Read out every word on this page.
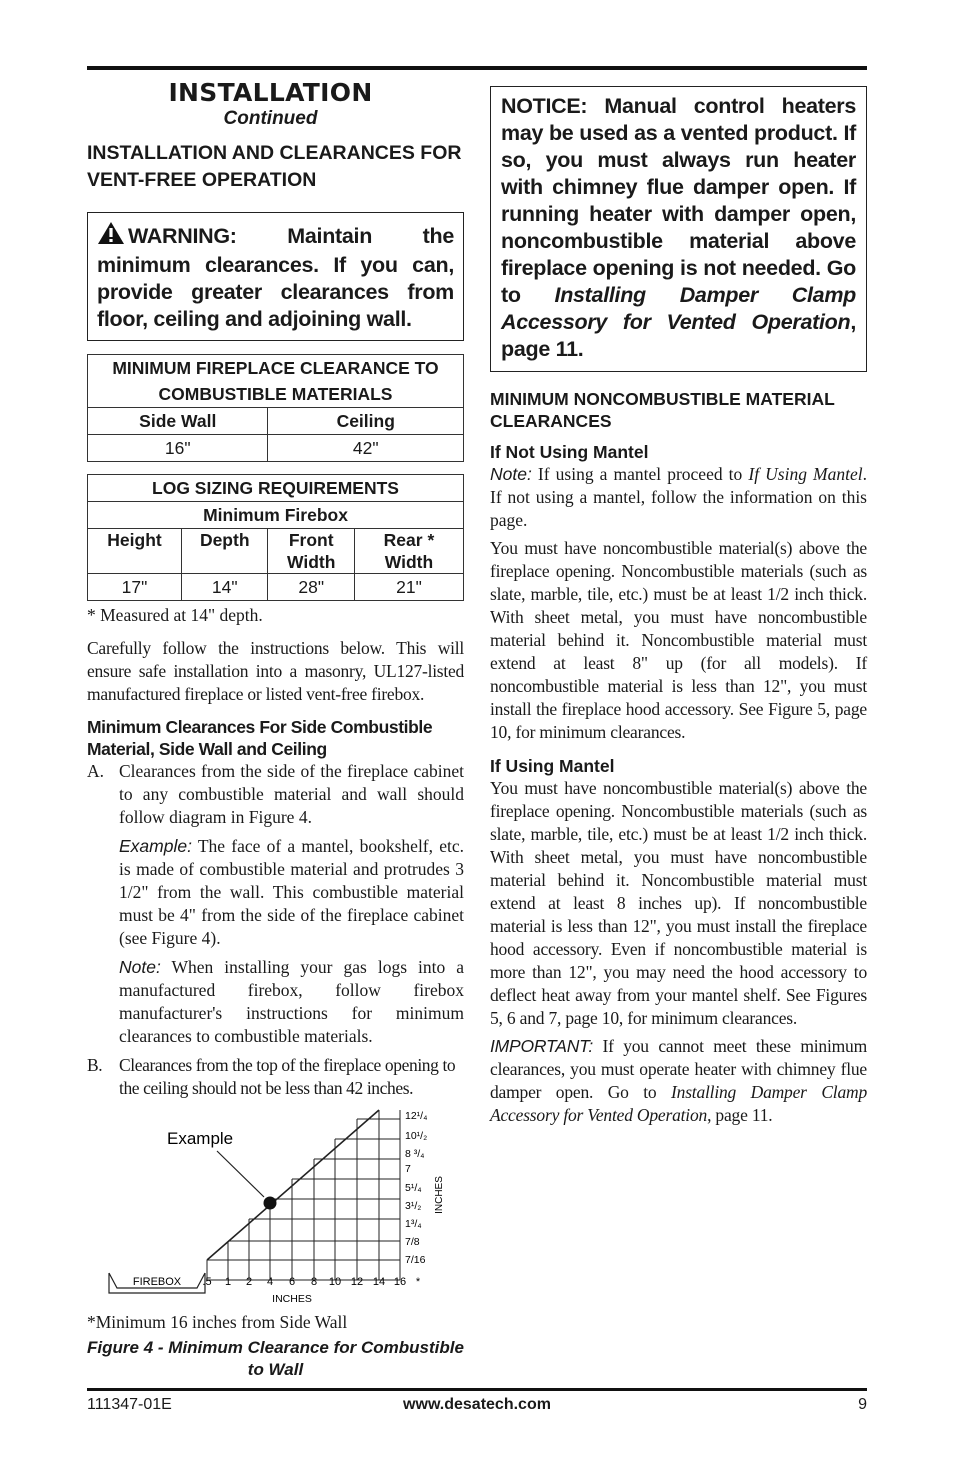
INSTALLATION
Continued
INSTALLATION AND CLEARANCES FOR VENT-FREE OPERATION
WARNING: Maintain the minimum clearances. If you can, provide greater clearances from floor, ceiling and adjoining wall.
MINIMUM FIREPLACE CLEARANCE TO COMBUSTIBLE MATERIALS	
Side Wall	Ceiling
16"	42"
LOG SIZING REQUIREMENTS			
Minimum Firebox			
Height	Depth	Front Width	Rear * Width
17"	14"	28"	21"

* Measured at 14" depth.

Carefully follow the instructions below. This will ensure safe installation into a masonry, UL127-listed manufactured fireplace or listed vent-free firebox.

Minimum Clearances For Side Combustible Material, Side Wall and Ceiling
A. Clearances from the side of the fireplace cabinet to any combustible material and wall should follow diagram in Figure 4.

Example: The face of a mantel, bookshelf, etc. is made of combustible material and protrudes 3 1/2" from the wall. This combustible material must be 4" from the side of the fireplace cabinet (see Figure 4).

Note: When installing your gas logs into a manufactured firebox, follow firebox manufacturer's instructions for minimum clearances to combustible materials.

B. Clearances from the top of the fireplace opening to the ceiling should not be less than 42 inches.
FIREBOX
Example
.5 1 2 4 6 8 10 12 14 16 *
12¹/₄
10¹/₂
8 ³/₄
7
5¹/₄
3¹/₂
1³/₄
7/8
7/16
INCHES
INCHES

*Minimum 16 inches from Side Wall

Figure 4 - Minimum Clearance for Combustible to Wall
NOTICE: Manual control heaters may be used as a vented product. If so, you must always run heater with chimney flue damper open. If running heater with damper open, noncombustible material above fireplace opening is not needed. Go to Installing Damper Clamp Accessory for Vented Operation, page 11.
MINIMUM NONCOMBUSTIBLE MATERIAL CLEARANCES
If Not Using Mantel

Note: If using a mantel proceed to If Using Mantel. If not using a mantel, follow the information on this page.

You must have noncombustible material(s) above the fireplace opening. Noncombustible materials (such as slate, marble, tile, etc.) must be at least 1/2 inch thick. With sheet metal, you must have noncombustible material behind it. Noncombustible material must extend at least 8" up (for all models). If noncombustible material is less than 12", you must install the fireplace hood accessory. See Figure 5, page 10, for minimum clearances.

If Using Mantel

You must have noncombustible material(s) above the fireplace opening. Noncombustible materials (such as slate, marble, tile, etc.) must be at least 1/2 inch thick. With sheet metal, you must have noncombustible material behind it. Noncombustible material must extend at least 8 inches up). If noncombustible material is less than 12", you must install the fireplace hood accessory. Even if noncombustible material is more than 12", you may need the hood accessory to deflect heat away from your mantel shelf. See Figures 5, 6 and 7, page 10, for minimum clearances.

IMPORTANT: If you cannot meet these minimum clearances, you must operate heater with chimney flue damper open. Go to Installing Damper Clamp Accessory for Vented Operation, page 11.

111347-01E	www.desatech.com	9
